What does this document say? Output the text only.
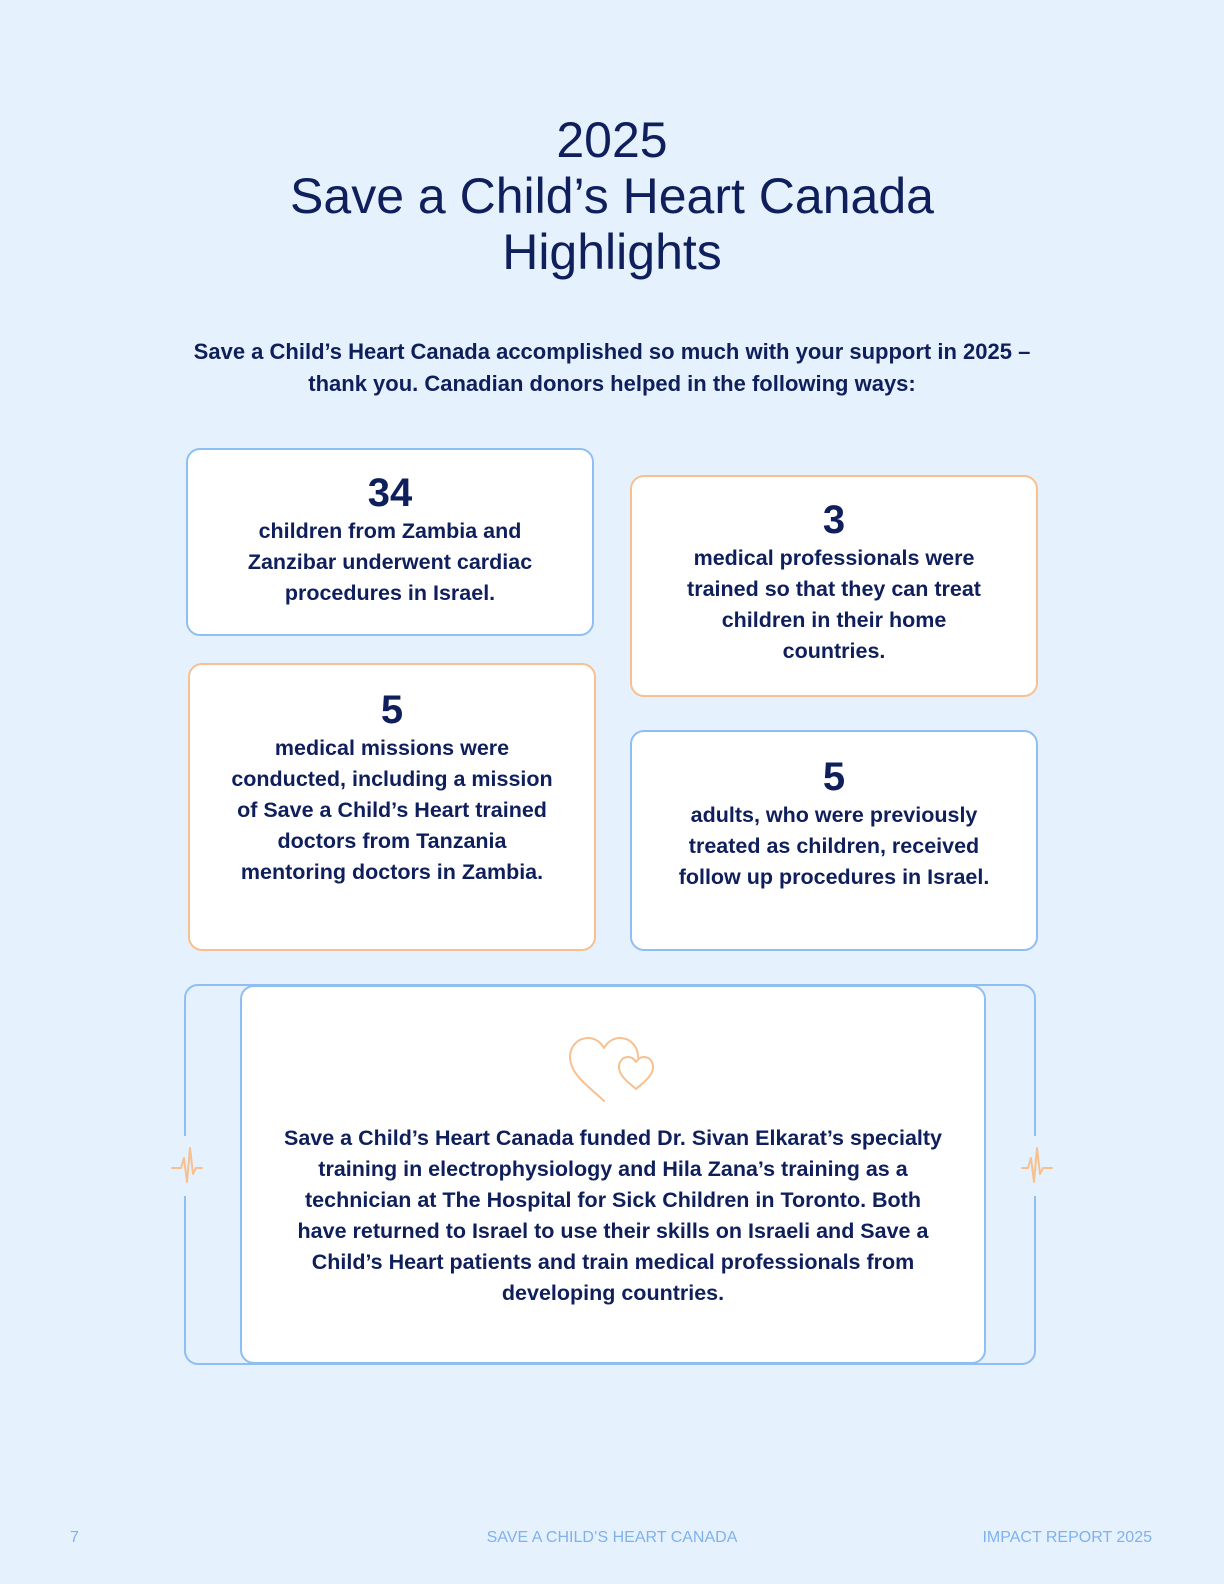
2025
Save a Child’s Heart Canada
Highlights
Save a Child’s Heart Canada accomplished so much with your support in 2025 – thank you. Canadian donors helped in the following ways:
34
children from Zambia and Zanzibar underwent cardiac procedures in Israel.
3
medical professionals were trained so that they can treat children in their home countries.
5
medical missions were conducted, including a mission of Save a Child’s Heart trained doctors from Tanzania mentoring doctors in Zambia.
5
adults, who were previously treated as children, received follow up procedures in Israel.
Save a Child’s Heart Canada funded Dr. Sivan Elkarat’s specialty training in electrophysiology and Hila Zana’s training as a technician at The Hospital for Sick Children in Toronto. Both have returned to Israel to use their skills on Israeli and Save a Child’s Heart patients and train medical professionals from developing countries.
7	SAVE A CHILD’S HEART CANADA	IMPACT REPORT 2025
